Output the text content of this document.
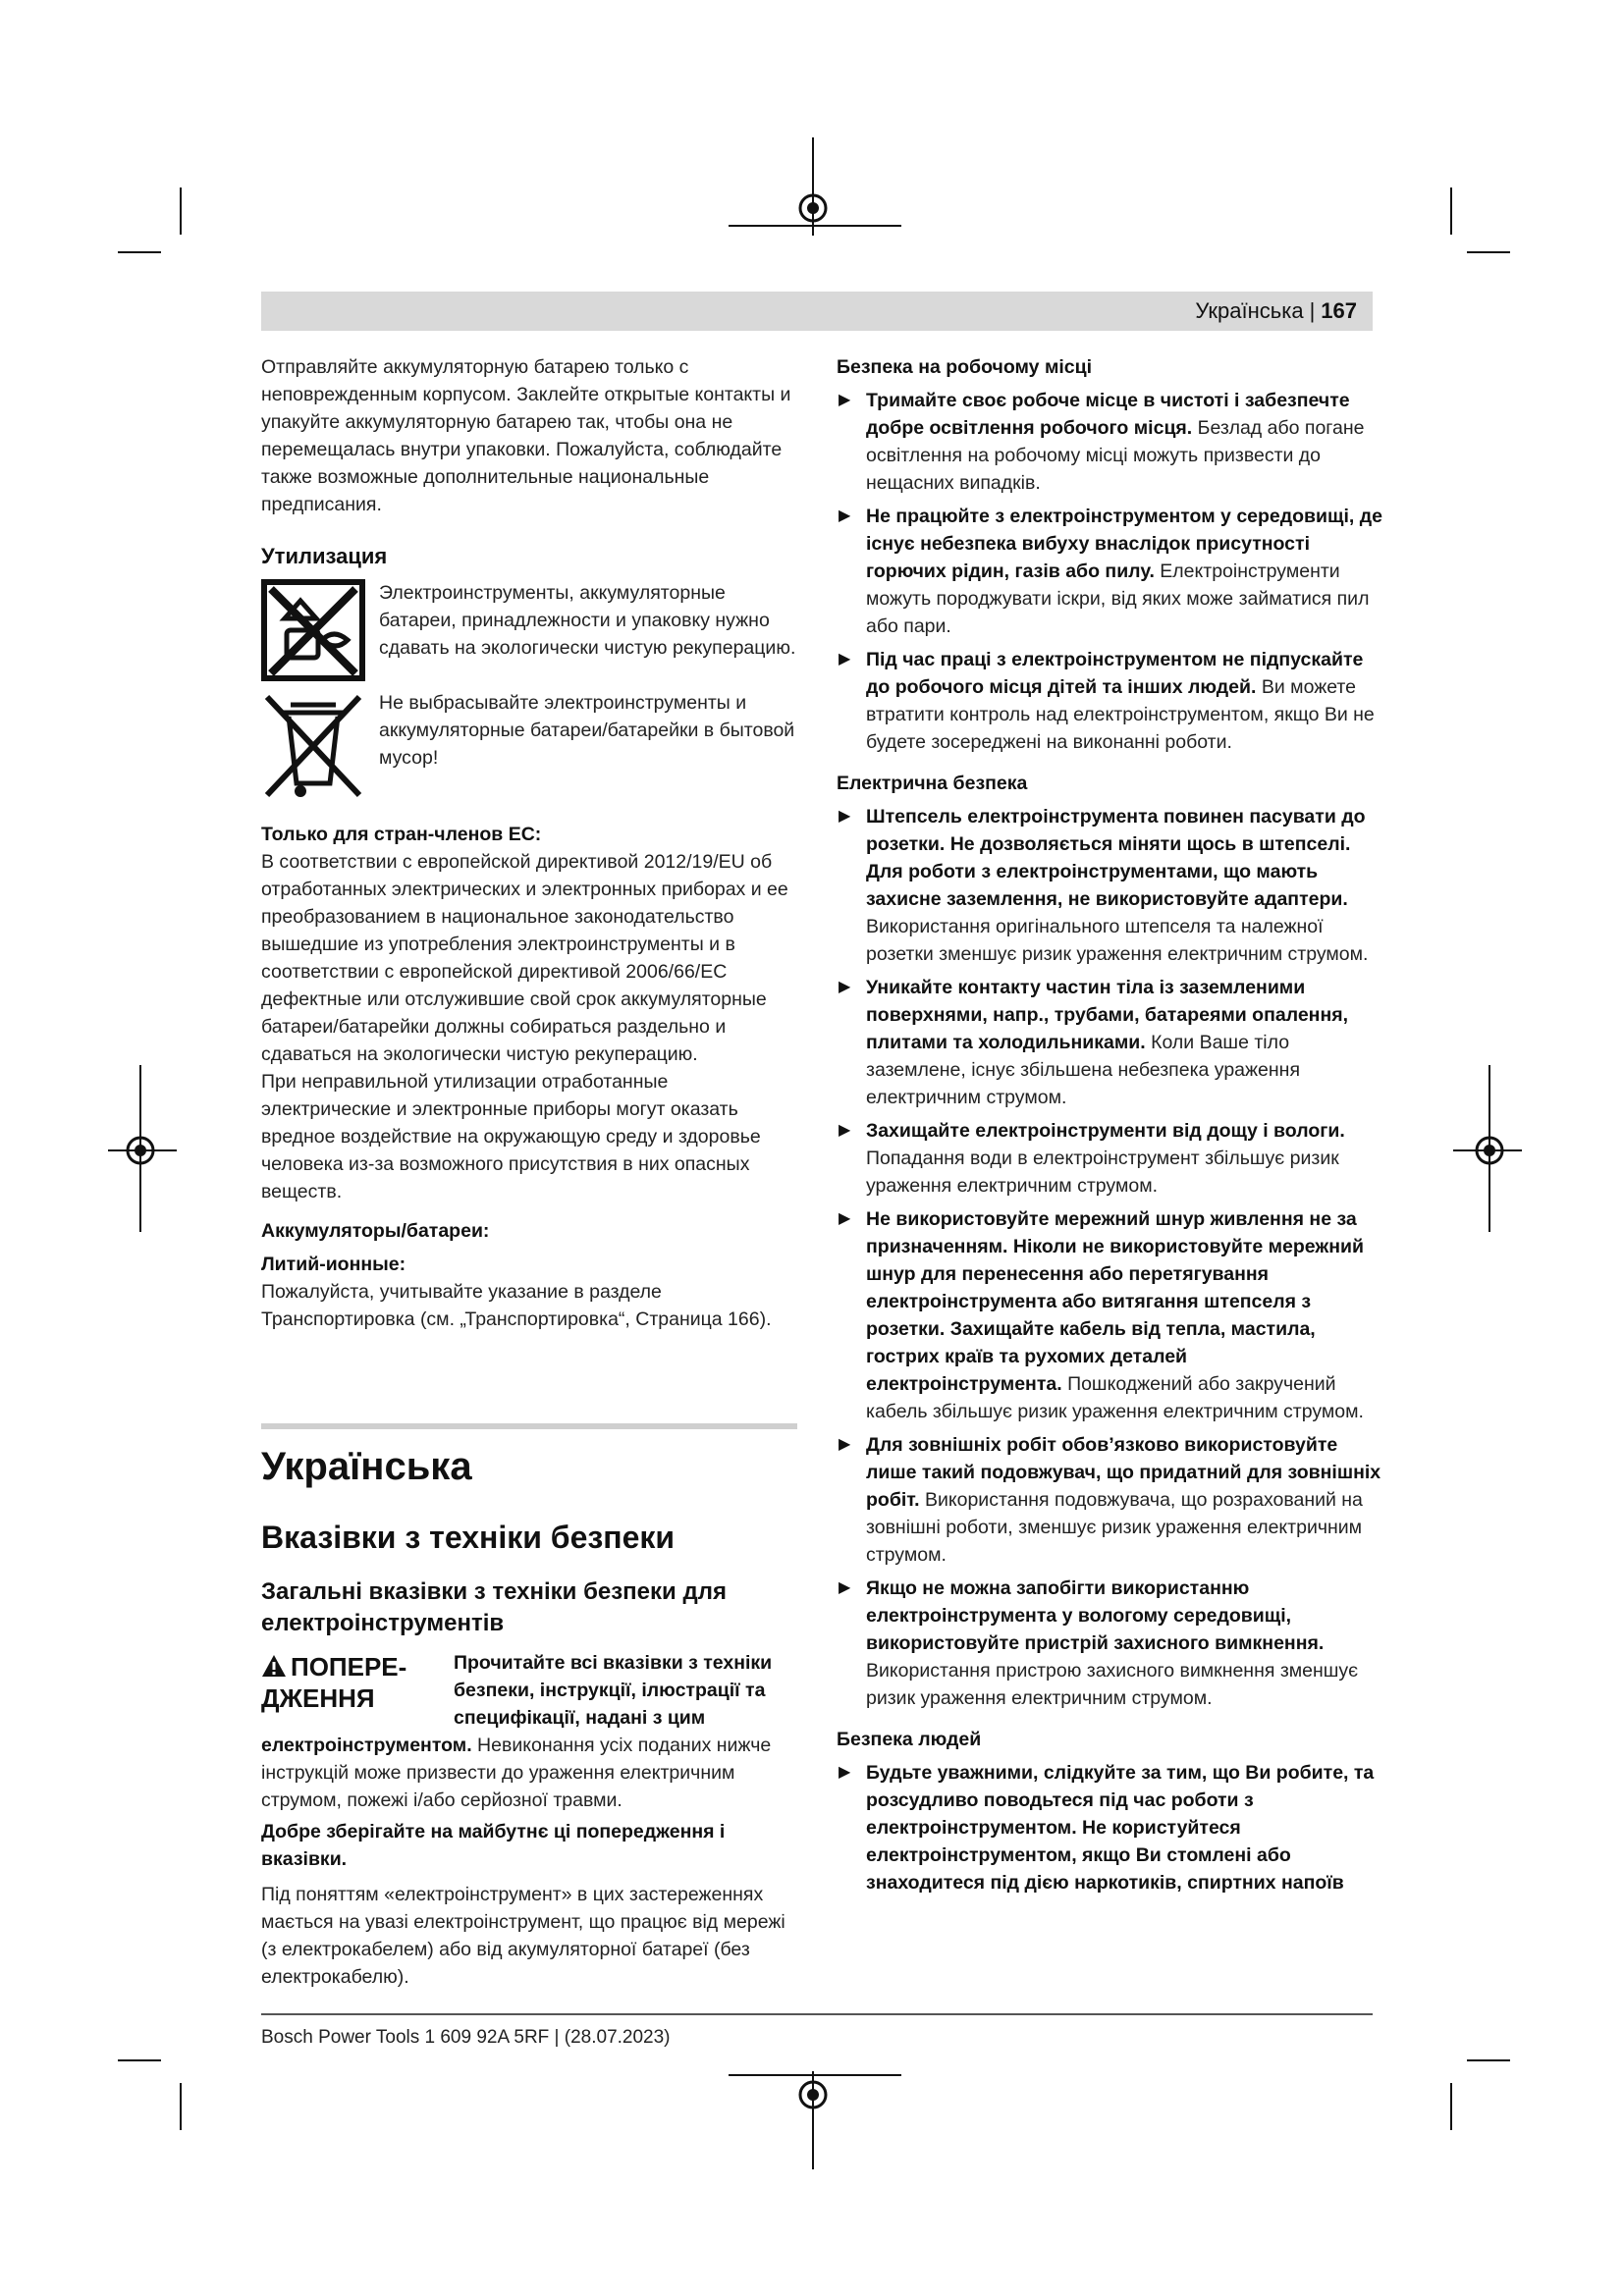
Українська | 167

Отправляйте аккумуляторную батарею только с неповрежденным корпусом. Заклейте открытые контакты и упакуйте аккумуляторную батарею так, чтобы она не перемещалась внутри упаковки. Пожалуйста, соблюдайте также возможные дополнительные национальные предписания.

Утилизация

Электроинструменты, аккумуляторные батареи, принадлежности и упаковку нужно сдавать на экологически чистую рекуперацию.

Не выбрасывайте электроинструменты и аккумуляторные батареи/батарейки в бытовой мусор!

Только для стран-членов ЕС:

В соответствии с европейской директивой 2012/19/EU об отработанных электрических и электронных приборах и ее преобразованием в национальное законодательство вышедшие из употребления электроинструменты и в соответствии с европейской директивой 2006/66/EC дефектные или отслужившие свой срок аккумуляторные батареи/батарейки должны собираться раздельно и сдаваться на экологически чистую рекуперацию.

При неправильной утилизации отработанные электрические и электронные приборы могут оказать вредное воздействие на окружающую среду и здоровье человека из-за возможного присутствия в них опасных веществ.

Аккумуляторы/батареи:
Литий-ионные:

Пожалуйста, учитывайте указание в разделе Транспортировка (см. „Транспортировка“, Страница 166).

Українська
Вказівки з техніки безпеки
Загальні вказівки з техніки безпеки для електроінструментів
ПОПЕРЕ-ДЖЕННЯ

Прочитайте всі вказівки з техніки безпеки, інструкції, ілюстрації та специфікації, надані з цим електроінструментом. Невиконання усіх поданих нижче інструкцій може призвести до ураження електричним струмом, пожежі і/або серйозної травми.

Добре зберігайте на майбутнє ці попередження і вказівки.

Під поняттям «електроінструмент» в цих застереженнях мається на увазі електроінструмент, що працює від мережі (з електрокабелем) або від акумуляторної батареї (без електрокабелю).

Безпека на робочому місці
▶ Тримайте своє робоче місце в чистоті і забезпечте добре освітлення робочого місця. Безлад або погане освітлення на робочому місці можуть призвести до нещасних випадків.

▶ Не працюйте з електроінструментом у середовищі, де існує небезпека вибуху внаслідок присутності горючих рідин, газів або пилу. Електроінструменти можуть породжувати іскри, від яких може займатися пил або пари.

▶ Під час праці з електроінструментом не підпускайте до робочого місця дітей та інших людей. Ви можете втратити контроль над електроінструментом, якщо Ви не будете зосереджені на виконанні роботи.

Електрична безпека
▶ Штепсель електроінструмента повинен пасувати до розетки. Не дозволяється міняти щось в штепселі. Для роботи з електроінструментами, що мають захисне заземлення, не використовуйте адаптери. Використання оригінального штепселя та належної розетки зменшує ризик ураження електричним струмом.

▶ Уникайте контакту частин тіла із заземленими поверхнями, напр., трубами, батареями опалення, плитами та холодильниками. Коли Ваше тіло заземлене, існує збільшена небезпека ураження електричним струмом.

▶ Захищайте електроінструменти від дощу і вологи. Попадання води в електроінструмент збільшує ризик ураження електричним струмом.

▶ Не використовуйте мережний шнур живлення не за призначенням. Ніколи не використовуйте мережний шнур для перенесення або перетягування електроінструмента або витягання штепселя з розетки. Захищайте кабель від тепла, мастила, гострих країв та рухомих деталей електроінструмента. Пошкоджений або закручений кабель збільшує ризик ураження електричним струмом.

▶ Для зовнішніх робіт обов’язково використовуйте лише такий подовжувач, що придатний для зовнішніх робіт. Використання подовжувача, що розрахований на зовнішні роботи, зменшує ризик ураження електричним струмом.

▶ Якщо не можна запобігти використанню електроінструмента у вологому середовищі, використовуйте пристрій захисного вимкнення. Використання пристрою захисного вимкнення зменшує ризик ураження електричним струмом.

Безпека людей
▶ Будьте уважними, слідкуйте за тим, що Ви робите, та розсудливо поводьтеся під час роботи з електроінструментом. Не користуйтеся електроінструментом, якщо Ви стомлені або знаходитеся під дією наркотиків, спиртних напоїв

Bosch Power Tools 1 609 92A 5RF | (28.07.2023)
